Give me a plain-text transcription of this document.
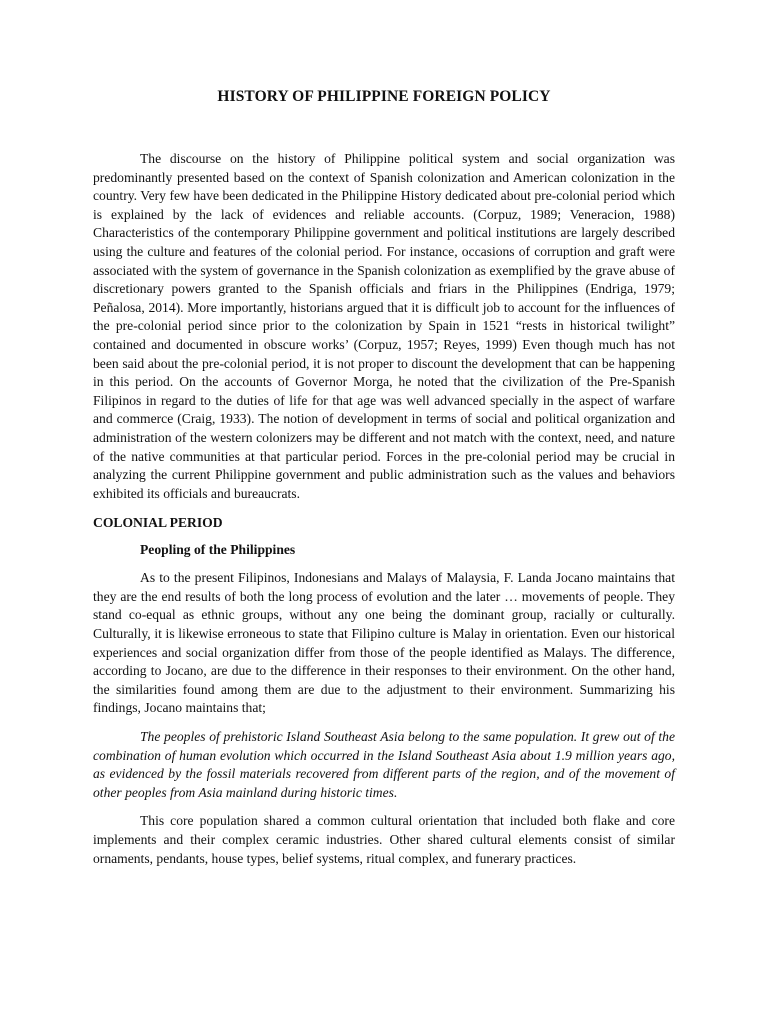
HISTORY OF PHILIPPINE FOREIGN POLICY

The discourse on the history of Philippine political system and social organization was predominantly presented based on the context of Spanish colonization and American colonization in the country. Very few have been dedicated in the Philippine History dedicated about pre-colonial period which is explained by the lack of evidences and reliable accounts. (Corpuz, 1989; Veneracion, 1988) Characteristics of the contemporary Philippine government and political institutions are largely described using the culture and features of the colonial period. For instance, occasions of corruption and graft were associated with the system of governance in the Spanish colonization as exemplified by the grave abuse of discretionary powers granted to the Spanish officials and friars in the Philippines (Endriga, 1979; Peñalosa, 2014). More importantly, historians argued that it is difficult job to account for the influences of the pre-colonial period since prior to the colonization by Spain in 1521 “rests in historical twilight” contained and documented in obscure works’ (Corpuz, 1957; Reyes, 1999) Even though much has not been said about the pre-colonial period, it is not proper to discount the development that can be happening in this period. On the accounts of Governor Morga, he noted that the civilization of the Pre-Spanish Filipinos in regard to the duties of life for that age was well advanced specially in the aspect of warfare and commerce (Craig, 1933). The notion of development in terms of social and political organization and administration of the western colonizers may be different and not match with the context, need, and nature of the native communities at that particular period. Forces in the pre-colonial period may be crucial in analyzing the current Philippine government and public administration such as the values and behaviors exhibited its officials and bureaucrats.

COLONIAL PERIOD
Peopling of the Philippines

As to the present Filipinos, Indonesians and Malays of Malaysia, F. Landa Jocano maintains that they are the end results of both the long process of evolution and the later … movements of people. They stand co-equal as ethnic groups, without any one being the dominant group, racially or culturally. Culturally, it is likewise erroneous to state that Filipino culture is Malay in orientation. Even our historical experiences and social organization differ from those of the people identified as Malays. The difference, according to Jocano, are due to the difference in their responses to their environment. On the other hand, the similarities found among them are due to the adjustment to their environment. Summarizing his findings, Jocano maintains that;

The peoples of prehistoric Island Southeast Asia belong to the same population. It grew out of the combination of human evolution which occurred in the Island Southeast Asia about 1.9 million years ago, as evidenced by the fossil materials recovered from different parts of the region, and of the movement of other peoples from Asia mainland during historic times.

This core population shared a common cultural orientation that included both flake and core implements and their complex ceramic industries. Other shared cultural elements consist of similar ornaments, pendants, house types, belief systems, ritual complex, and funerary practices.
